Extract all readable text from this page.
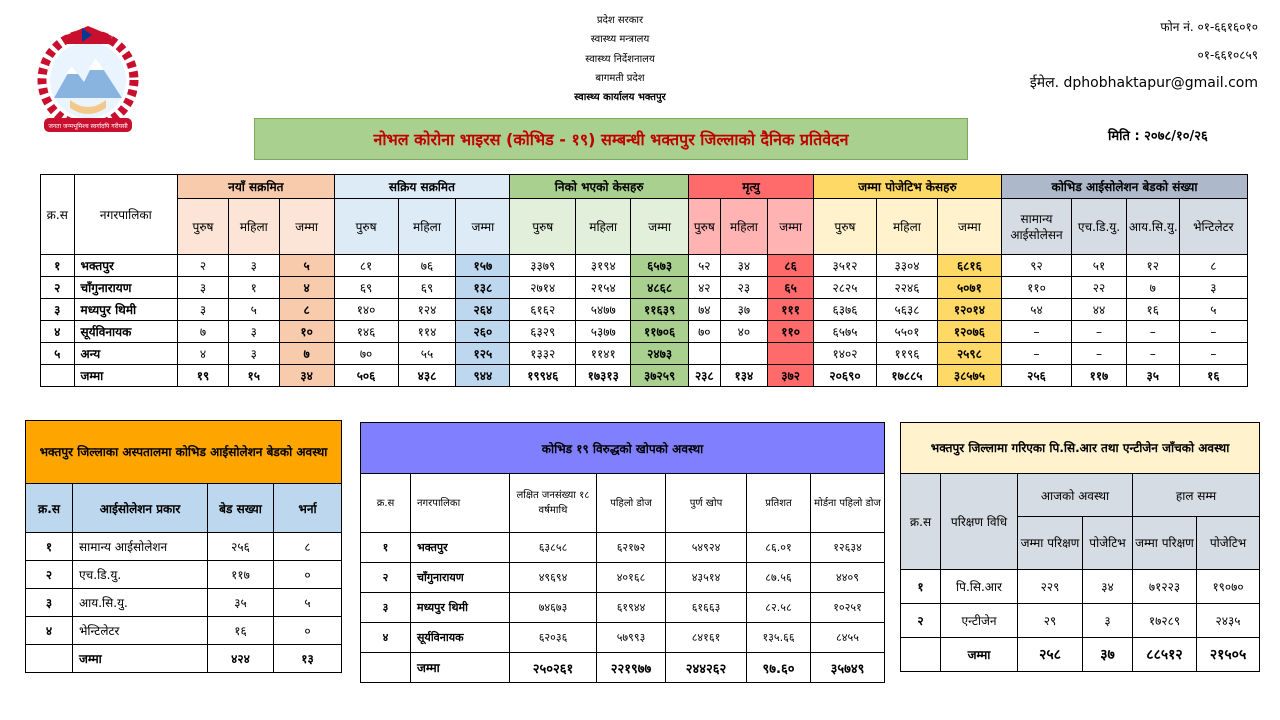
जनता जन्मभूमिश्च स्वर्गादपि गरीयसी
प्रदेश सरकार
स्वास्थ्य मन्त्रालय
स्वास्थ्य निर्देशनालय
बागमती प्रदेश
स्वास्थ्य कार्यालय भक्तपुर
फोन नं. ०१-६६१६०१०
०१-६६१०८५९
ईमेल. dphobhaktapur@gmail.com
नोभल कोरोना भाइरस (कोभिड - १९) सम्बन्धी भक्तपुर जिल्लाको दैनिक प्रतिवेदन	मिति : २०७८/१०/२६
क्र.स	नगरपालिका	नयाँ सक्रमित			सक्रिय सक्रमित			निको भएको केसहरु			मृत्यु			जम्मा पोजेटिभ केसहरु			कोभिड आईसोलेशन बेडको संख्या			
		पुरुष	महिला	जम्मा	पुरुष	महिला	जम्मा	पुरुष	महिला	जम्मा	पुरुष	महिला	जम्मा	पुरुष	महिला	जम्मा	सामान्य आईसोलेसन	एच.डि.यु.	आय.सि.यु.	भेन्टिलेटर
१	भक्तपुर	२	३	५	८१	७६	१५७	३३७९	३१९४	६५७३	५२	३४	८६	३५१२	३३०४	६८१६	९२	५१	१२	८
२	चाँगुनारायण	३	१	४	६९	६९	१३८	२७१४	२१५४	४८६८	४२	२३	६५	२८२५	२२४६	५०७१	११०	२२	७	३
३	मध्यपुर थिमी	३	५	८	१४०	१२४	२६४	६१६२	५४७७	११६३९	७४	३७	१११	६३७६	५६३८	१२०१४	५४	४४	१६	५
४	सूर्यविनायक	७	३	१०	१४६	११४	२६०	६३२९	५३७७	११७०६	७०	४०	११०	६५७५	५५०१	१२०७६	–	–	–	–
५	अन्य	४	३	७	७०	५५	१२५	१३३२	११४१	२४७३				१४०२	११९६	२५९८	–	–	–	–
	जम्मा	१९	१५	३४	५०६	४३८	९४४	१९९४६	१७३१३	३७२५९	२३८	१३४	३७२	२०६९०	१७८८५	३८५७५	२५६	११७	३५	१६
भक्तपुर जिल्लाका अस्पतालमा कोभिड आईसोलेशन बेडको अवस्था			
क्र.स	आईसोलेशन प्रकार	बेड सख्या	भर्ना
१	सामान्य आईसोलेशन	२५६	८
२	एच.डि.यु.	११७	०
३	आय.सि.यु.	३५	५
४	भेन्टिलेटर	१६	०
	जम्मा	४२४	१३
कोभिड १९ विरुद्धको खोपको अवस्था						
क्र.स	नगरपालिका	लक्षित जनसंख्या १८ वर्षमाथि	पहिलो डोज	पुर्ण खोप	प्रतिशत	मोर्डना पहिलो डोज
१	भक्तपुर	६३८५८	६२१७२	५४९२४	८६.०१	१२६३४
२	चाँगुनारायण	४९६९४	४०१६८	४३५१४	८७.५६	४४०९
३	मध्यपुर थिमी	७४६७३	६१९४४	६१६६३	८२.५८	१०२५१
४	सूर्यविनायक	६२०३६	५७९९३	८४१६१	१३५.६६	८४५५
	जम्मा	२५०२६१	२२१९७७	२४४२६२	९७.६०	३५७४९
भक्तपुर जिल्लामा गरिएका पि.सि.आर तथा एन्टीजेन जाँचको अवस्था					
क्र.स	परिक्षण विधि	आजको अवस्था		हाल सम्म	
		जम्मा परिक्षण	पोजेटिभ	जम्मा परिक्षण	पोजेटिभ
१	पि.सि.आर	२२९	३४	७१२२३	१९०७०
२	एन्टीजेन	२९	३	१७२८९	२४३५
	जम्मा	२५८	३७	८८५१२	२१५०५
